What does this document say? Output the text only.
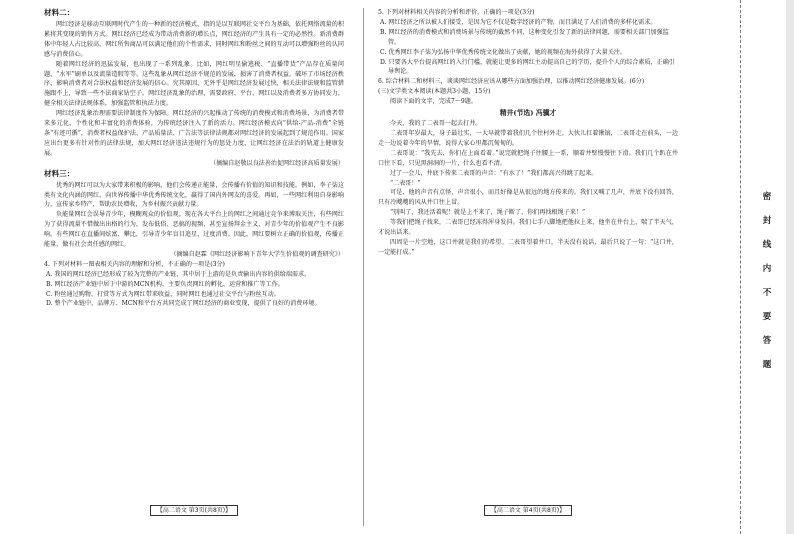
材料二：

网红经济是移动互联网时代产生的一种新的经济模式，指的是以互联网社交平台为基础，依托网络流量的积累将其变现的销售方式。网红经济已经成为带动消费新的增长点，网红经济的产生具有一定的必然性。新消费群体中年轻人占比较高，网红所售商品可以满足他们的个性需求，同时网红和粉丝之间的互动可以增强粉丝的认同感与消费信心。

随着网红经济的迅猛发展，也出现了一系列乱象。比如，网红明星偷逃税、“直播带货”产品存在质量问题、“水军”刷单以及流量造假等等。这些乱象从网红经济不规范的发展，损害了消费者权益，破坏了市场经济秩序，影响消费者对合法权益和经济发展的信心。究其原因，无外乎是网红经济发展过快，相关法律法规和监管措施跟不上，导致一些不法商家钻空子。网红经济乱象的治理，需要政府、平台、网红以及消费者多方协同发力，健全相关法律法规体系，加强监管和执法力度。

网红经济乱象治理需要法律制度作为保障。网红经济的兴起推动了传统的消费模式和消费场景，为消费者带来多元化、个性化和丰富化的消费体验，为传统经济注入了新的活力。网红经济模式向“供给-产品-消费”全链条“有迹可循”，消费者权益保护法、产品质量法、广告法等法律法规都对网红经济的发展起到了规范作用。国家应出台更多有针对性的法律法规，加大网红经济违法违规行为的惩处力度，让网红经济在法治的轨道上健康发展。

（摘编自赵敬以良法善治促网红经济高质量发展）

材料三：

优秀的网红可以为大家带来积极的影响，他们会传递正能量，会传播有价值的知识和技能。例如，李子柒这类有文化内涵的网红，向世界传播中华优秀传统文化，赢得了国内外网友的喜爱。再如，一些网红利用自身影响力，宣传家乡特产，帮助农民增收，为乡村振兴贡献力量。

负能量网红会误导青少年，模糊观众的价值观。现在各大平台上的网红之间通过竞争来博取关注，有些网红为了获得流量不惜做出出格的行为，发布低俗、恶搞的视频，甚至宣扬拜金主义，对青少年的价值观产生不良影响。有些网红在直播间炫富、攀比，引导青少年盲目追星、过度消费。因此，网红要树立正确的价值观，传播正能量，做有社会责任感的网红。

（摘编自赵霖《网红经济影响下青年大学生价值观的调查研究》）

4. 下列对材料一图表相关内容的理解和分析，不正确的一项是(3分)

A. 我国的网红经济已经形成了较为完整的产业链，其中居于上游的是负责输出内容的供给端需求。

B. 网红经济产业链中居于中游的MCN机构，主要负责网红的孵化、运营和推广等工作。

C. 粉丝通过购物、打赏等方式为网红带来收益，同时网红也通过社交平台与粉丝互动。

D. 整个产业链中，品牌方、MCN和平台方共同完成了网红经济的商业变现，提供了良好的消费环境。

【高二语文 第3页(共8页)】

5. 下列对材料相关内容的分析和评价，正确的一项是(3分)

A. 网红经济之所以被人们接受，是因为它不仅是数字经济的产物，而且满足了人们消费的多样化需求。

B. 网红经济的消费模式和消费场景与传统的截然不同，这种变化引发了新的法律问题，需要相关部门加强监管。

C. 优秀网红李子柒为弘扬中华优秀传统文化做出了贡献，她的视频在海外获得了大量关注。

D. 只要各大平台提高网红的入行门槛，就能让更多的网红主动提高自己的学历，提升个人的综合素质，正确引导舆论。

6. 综合材料二和材料三，谈谈网红经济应该从哪些方面加强治理，以推动网红经济健康发展。(6分)

(三)文学类文本阅读(本题共3小题，15分)

阅读下面的文字，完成7～9题。

精井(节选) 冯骥才

今天，我的了二表哥一起去打井。

二表哥年岁最大，身子最壮实，一大早就带着我们几个往村外走。大伙儿扛着锹镐，二表哥走在前头，一边走一边说着今年的旱情，说得大家心里都沉甸甸的。

二表哥说：“我先去，你们在上面看着。”说完就把绳子往腰上一系，顺着井壁慢慢往下滑。我们几个趴在井口往下看，只见黑洞洞的一片，什么也看不清。

过了一会儿，井底下传来二表哥的声音：“有水了！”我们都高兴得跳了起来。

“二表哥！”

可是，他的声音有点怪，声音很小，而且好像是从很远的地方传来的。我们又喊了几声，井底下没有回答，只有冷飕飕的风从井口往上冒。

“别叫了，我还活着呢！就是上不来了，绳子断了，你们再找根绳子来！”

等我们把绳子找来，二表哥已经冻得浑身发抖。我们七手八脚地把他拉上来，他坐在井台上，喘了半天气，才说出话来。

四周是一片空地，这口井就是我们的希望。二表哥望着井口，半天没有说话，最后只说了一句：“这口井，一定能打成。”

【高二语文 第4页(共8页)】
密
封
线
内
不
要
答
题
